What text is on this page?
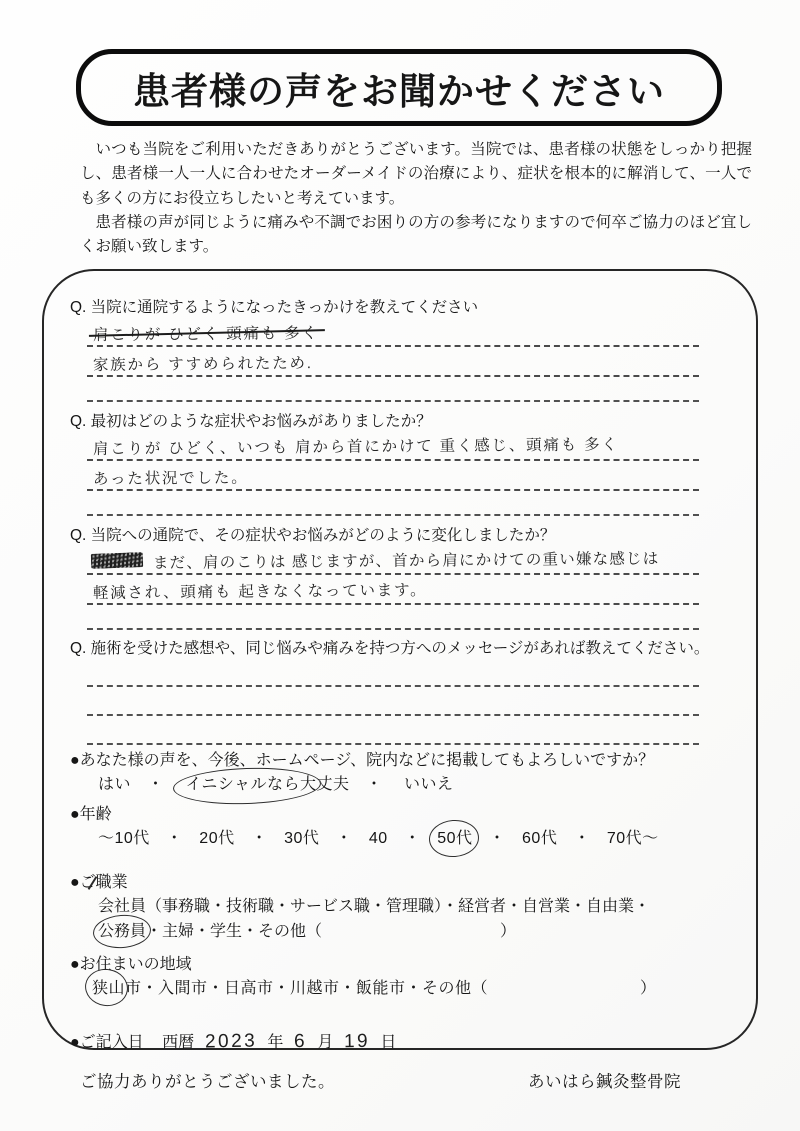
患者様の声をお聞かせください

いつも当院をご利用いただきありがとうございます。当院では、患者様の状態をしっかり把握し、患者様一人一人に合わせたオーダーメイドの治療により、症状を根本的に解消して、一人でも多くの方にお役立ちしたいと考えています。

患者様の声が同じように痛みや不調でお困りの方の参考になりますので何卒ご協力のほど宜しくお願い致します。

Q. 当院に通院するようになったきっかけを教えてください
肩こりが ひどく 頭痛も 多く
家族から すすめられたため.
Q. 最初はどのような症状やお悩みがありましたか？
肩こりが ひどく、いつも 肩から首にかけて 重く感じ、頭痛も 多く
あった状況でした。
Q. 当院への通院で、その症状やお悩みがどのように変化しましたか？
まだ、肩のこりは 感じますが、首から肩にかけての重い嫌な感じは
軽減され、頭痛も 起きなくなっています。
Q. 施術を受けた感想や、同じ悩みや痛みを持つ方へのメッセージがあれば教えてください。
●あなた様の声を、今後、ホームページ、院内などに掲載してもよろしいですか？
はい　・　 イニシャルなら大丈夫　・　 いいえ
●年齢
～10代　・　20代　・　30代　・　40　・　50代　・　60代　・　70代～
●ご職業
会社員（事務職・技術職・サービス職・管理職）・経営者・自営業・自由業・
公務員・主婦・学生・その他（	）
●お住まいの地域
狭山市・入間市・日高市・川越市・飯能市・その他（	）
●ご記入日 西暦 2023 年 6 月 19 日
ご協力ありがとうございました。	あいはら鍼灸整骨院
